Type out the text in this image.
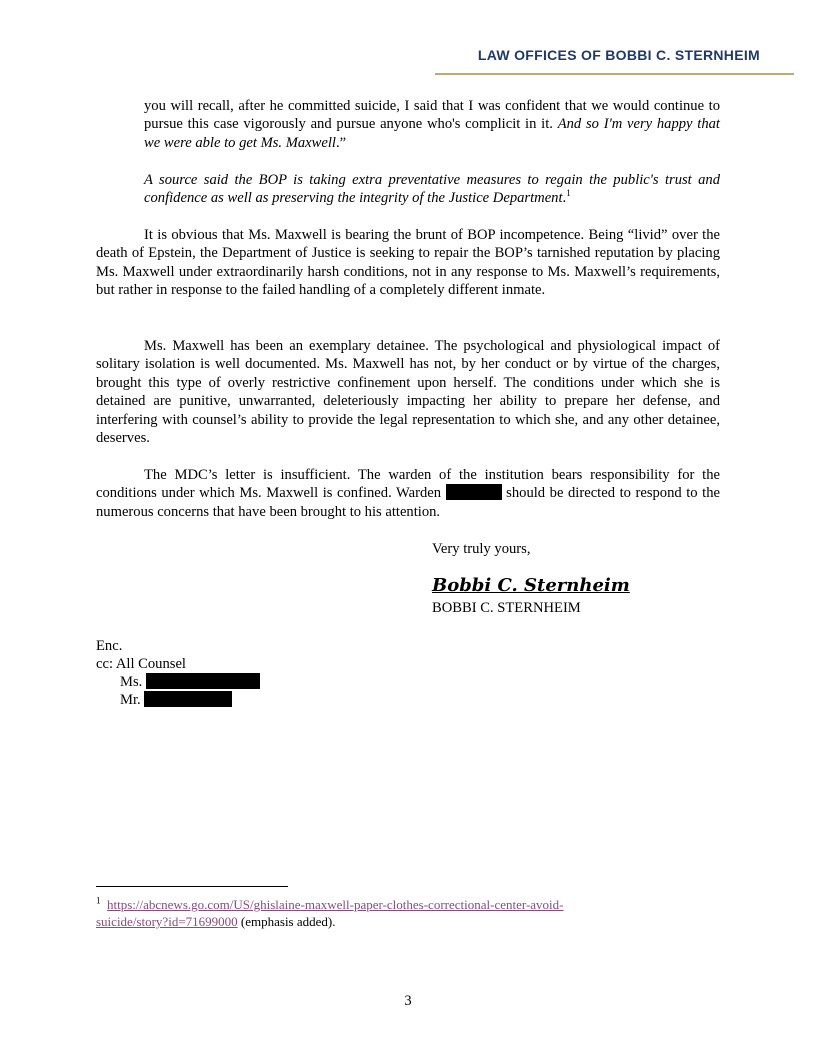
LAW OFFICES OF BOBBI C. STERNHEIM

you will recall, after he committed suicide, I said that I was confident that we would continue to pursue this case vigorously and pursue anyone who's complicit in it. And so I'm very happy that we were able to get Ms. Maxwell.”

A source said the BOP is taking extra preventative measures to regain the public's trust and confidence as well as preserving the integrity of the Justice Department.$^1$

It is obvious that Ms. Maxwell is bearing the brunt of BOP incompetence. Being “livid” over the death of Epstein, the Department of Justice is seeking to repair the BOP’s tarnished reputation by placing Ms. Maxwell under extraordinarily harsh conditions, not in any response to Ms. Maxwell’s requirements, but rather in response to the failed handling of a completely different inmate.

Ms. Maxwell has been an exemplary detainee. The psychological and physiological impact of solitary isolation is well documented. Ms. Maxwell has not, by her conduct or by virtue of the charges, brought this type of overly restrictive confinement upon herself. The conditions under which she is detained are punitive, unwarranted, deleteriously impacting her ability to prepare her defense, and interfering with counsel’s ability to provide the legal representation to which she, and any other detainee, deserves.

The MDC’s letter is insufficient. The warden of the institution bears responsibility for the conditions under which Ms. Maxwell is confined. Warden	should be directed to respond to the numerous concerns that have been brought to his attention.

Very truly yours,
Bobbi C. Sternheim
BOBBI C. STERNHEIM
Enc.
cc: All Counsel
Ms.
Mr.
$^1$ https://abcnews.go.com/US/ghislaine-maxwell-paper-clothes-correctional-center-avoid-
suicide/story?id=71699000 (emphasis added).
3
